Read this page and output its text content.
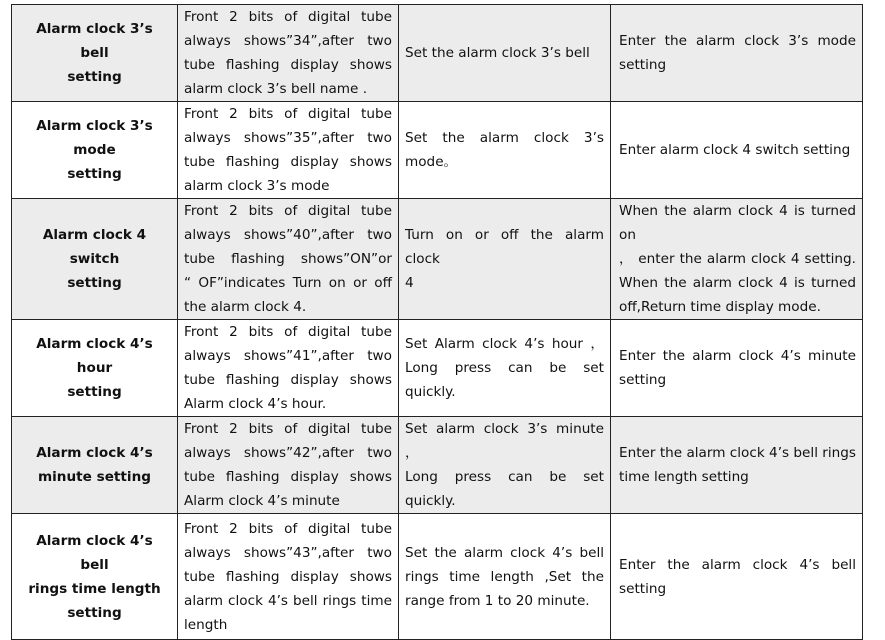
Alarm clock 3’s bell
setting	Front 2 bits of digital tube
always shows”34”,after two
tube flashing display shows
alarm clock 3’s bell name .	Set the alarm clock 3’s bell	Enter the alarm clock 3’s mode
setting

Alarm clock 3’s mode
setting	Front 2 bits of digital tube
always shows”35”,after two
tube flashing display shows
alarm clock 3’s mode	Set the alarm clock 3’s mode。	Enter alarm clock 4 switch setting

Alarm clock 4 switch
setting	Front 2 bits of digital tube
always shows”40”,after two
tube flashing shows”ON”or
“ OF”indicates Turn on or off
the alarm clock 4.	Turn on or off the alarm clock
4	When the alarm clock 4 is turned on
， enter the alarm clock 4 setting.
When the alarm clock 4 is turned
off,Return time display mode.

Alarm clock 4’s hour
setting	Front 2 bits of digital tube
always shows”41”,after two
tube flashing display shows
Alarm clock 4’s hour.	Set Alarm clock 4’s hour ，
Long press can be set quickly.	Enter the alarm clock 4’s minute
setting

Alarm clock 4’s
minute setting	Front 2 bits of digital tube
always shows”42”,after two
tube flashing display shows
Alarm clock 4’s minute	Set alarm clock 3’s minute ，
Long press can be set quickly.	Enter the alarm clock 4’s bell rings
time length setting

Alarm clock 4’s bell
rings time length
setting	Front 2 bits of digital tube
always shows”43”,after two
tube flashing display shows
alarm clock 4’s bell rings time
length	Set the alarm clock 4’s bell
rings time length ,Set the
range from 1 to 20 minute.	Enter the alarm clock 4’s bell setting
